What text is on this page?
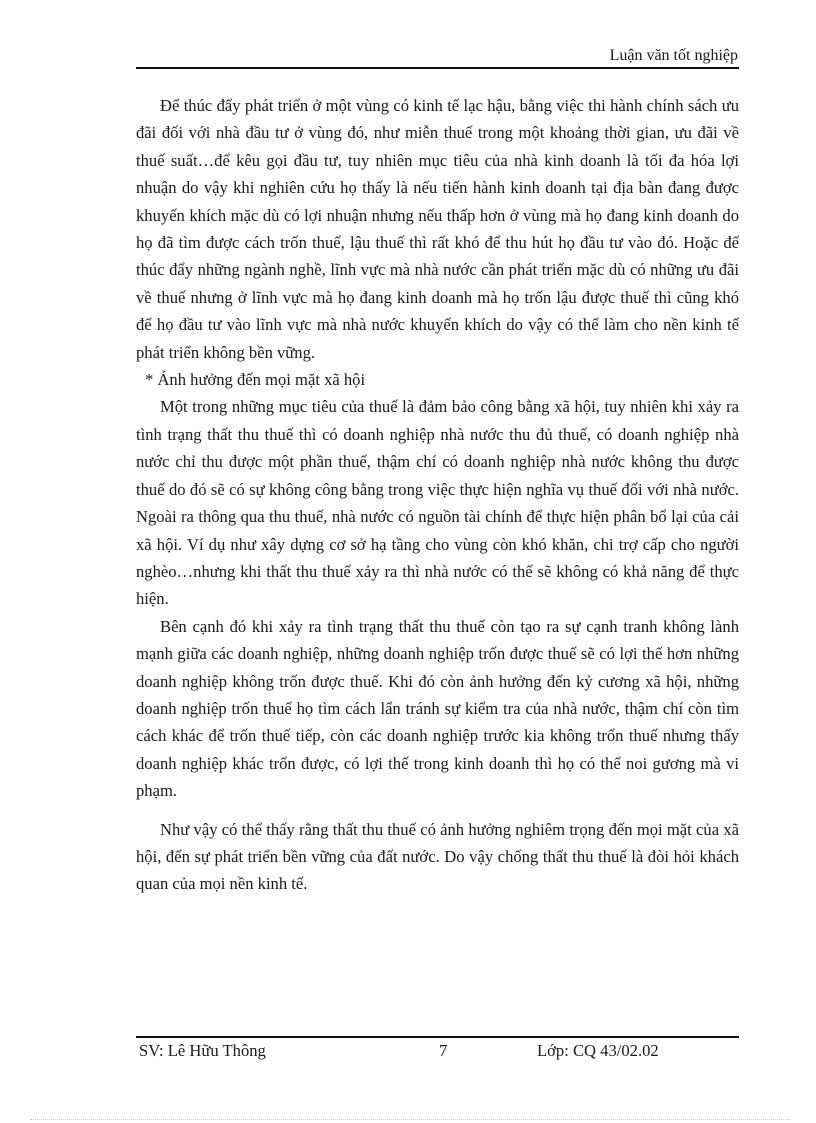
Luận văn tốt nghiệp

Để thúc đẩy phát triển ở một vùng có kinh tế lạc hậu, bằng việc thi hành chính sách ưu đãi đối với nhà đầu tư ở vùng đó, như miễn thuế trong một khoảng thời gian, ưu đãi về thuế suất…để kêu gọi đầu tư, tuy nhiên mục tiêu của nhà kinh doanh là tối đa hóa lợi nhuận do vậy khi nghiên cứu họ thấy là nếu tiến hành kinh doanh tại địa bàn đang được khuyến khích mặc dù có lợi nhuận nhưng nếu thấp hơn ở vùng mà họ đang kinh doanh do họ đã tìm được cách trốn thuế, lậu thuế thì rất khó để thu hút họ đầu tư vào đó. Hoặc để thúc đẩy những ngành nghề, lĩnh vực mà nhà nước cần phát triển mặc dù có những ưu đãi về thuế nhưng ở lĩnh vực mà họ đang kinh doanh mà họ trốn lậu được thuế thì cũng khó để họ đầu tư vào lĩnh vực mà nhà nước khuyến khích do vậy có thể làm cho nền kinh tế phát triển không bền vững.

* Ảnh hưởng đến mọi mặt xã hội

Một trong những mục tiêu của thuế là đảm bảo công bằng xã hội, tuy nhiên khi xảy ra tình trạng thất thu thuế thì có doanh nghiệp nhà nước thu đủ thuế, có doanh nghiệp nhà nước chỉ thu được một phần thuế, thậm chí có doanh nghiệp nhà nước không thu được thuế do đó sẽ có sự không công bằng trong việc thực hiện nghĩa vụ thuế đối với nhà nước. Ngoài ra thông qua thu thuế, nhà nước có nguồn tài chính để thực hiện phân bổ lại của cải xã hội. Ví dụ như xây dựng cơ sở hạ tầng cho vùng còn khó khăn, chi trợ cấp cho người nghèo…nhưng khi thất thu thuế xảy ra thì nhà nước có thể sẽ không có khả năng để thực hiện.

Bên cạnh đó khi xảy ra tình trạng thất thu thuế còn tạo ra sự cạnh tranh không lành mạnh giữa các doanh nghiệp, những doanh nghiệp trốn được thuế sẽ có lợi thế hơn những doanh nghiệp không trốn được thuế. Khi đó còn ảnh hưởng đến kỷ cương xã hội, những doanh nghiệp trốn thuế họ tìm cách lẩn tránh sự kiểm tra của nhà nước, thậm chí còn tìm cách khác để trốn thuế tiếp, còn các doanh nghiệp trước kia không trốn thuế nhưng thấy doanh nghiệp khác trốn được, có lợi thế trong kinh doanh thì họ có thể noi gương mà vi phạm.

Như vậy có thể thấy rằng thất thu thuế có ảnh hưởng nghiêm trọng đến mọi mặt của xã hội, đến sự phát triển bền vững của đất nước. Do vậy chống thất thu thuế là đòi hỏi khách quan của mọi nền kinh tế.

SV: Lê Hữu Thông	7	Lớp: CQ 43/02.02
